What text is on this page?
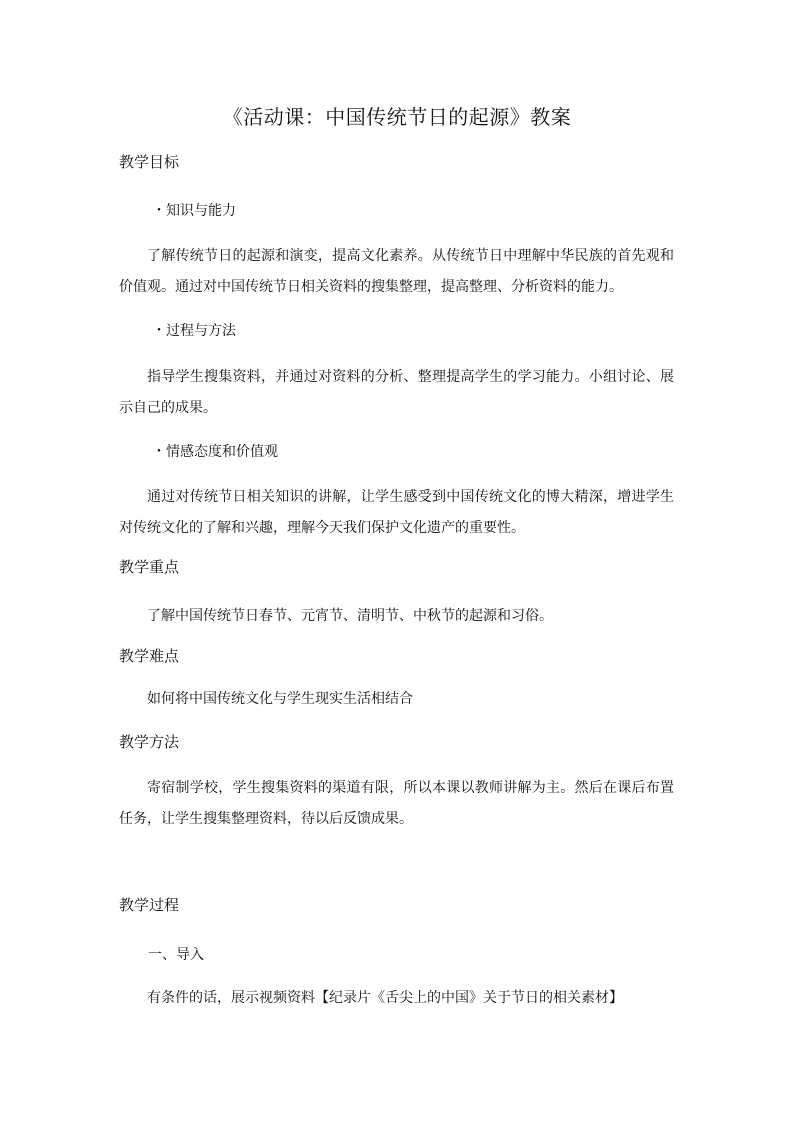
《活动课：中国传统节日的起源》教案
教学目标
・知识与能力
了解传统节日的起源和演变，提高文化素养。从传统节日中理解中华民族的首先观和价值观。通过对中国传统节日相关资料的搜集整理，提高整理、分析资料的能力。
・过程与方法
指导学生搜集资料，并通过对资料的分析、整理提高学生的学习能力。小组讨论、展示自己的成果。
・情感态度和价值观
通过对传统节日相关知识的讲解，让学生感受到中国传统文化的博大精深，增进学生对传统文化的了解和兴趣，理解今天我们保护文化遗产的重要性。
教学重点
了解中国传统节日春节、元宵节、清明节、中秋节的起源和习俗。
教学难点
如何将中国传统文化与学生现实生活相结合
教学方法
寄宿制学校，学生搜集资料的渠道有限，所以本课以教师讲解为主。然后在课后布置任务，让学生搜集整理资料，待以后反馈成果。
教学过程
一、导入
有条件的话，展示视频资料【纪录片《舌尖上的中国》关于节日的相关素材】
